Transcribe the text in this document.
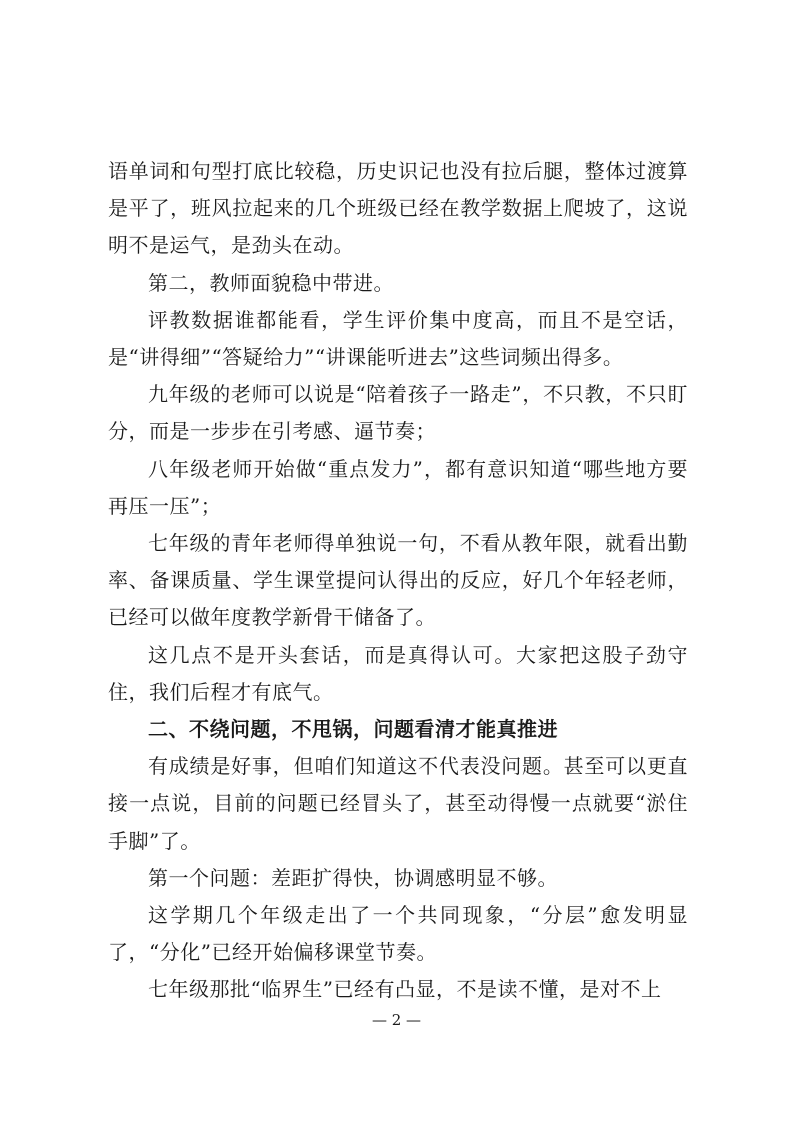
语单词和句型打底比较稳，历史识记也没有拉后腿，整体过渡算是平了，班风拉起来的几个班级已经在教学数据上爬坡了，这说明不是运气，是劲头在动。

第二，教师面貌稳中带进。

评教数据谁都能看，学生评价集中度高，而且不是空话，是“讲得细”“答疑给力”“讲课能听进去”这些词频出得多。

九年级的老师可以说是“陪着孩子一路走”，不只教，不只盯分，而是一步步在引考感、逼节奏；

八年级老师开始做“重点发力”，都有意识知道“哪些地方要再压一压”；

七年级的青年老师得单独说一句，不看从教年限，就看出勤率、备课质量、学生课堂提问认得出的反应，好几个年轻老师，已经可以做年度教学新骨干储备了。

这几点不是开头套话，而是真得认可。大家把这股子劲守住，我们后程才有底气。

二、不绕问题，不甩锅，问题看清才能真推进

有成绩是好事，但咱们知道这不代表没问题。甚至可以更直接一点说，目前的问题已经冒头了，甚至动得慢一点就要“淤住手脚”了。

第一个问题：差距扩得快，协调感明显不够。

这学期几个年级走出了一个共同现象，“分层”愈发明显了，“分化”已经开始偏移课堂节奏。

七年级那批“临界生”已经有凸显，不是读不懂，是对不上

— 2 —
